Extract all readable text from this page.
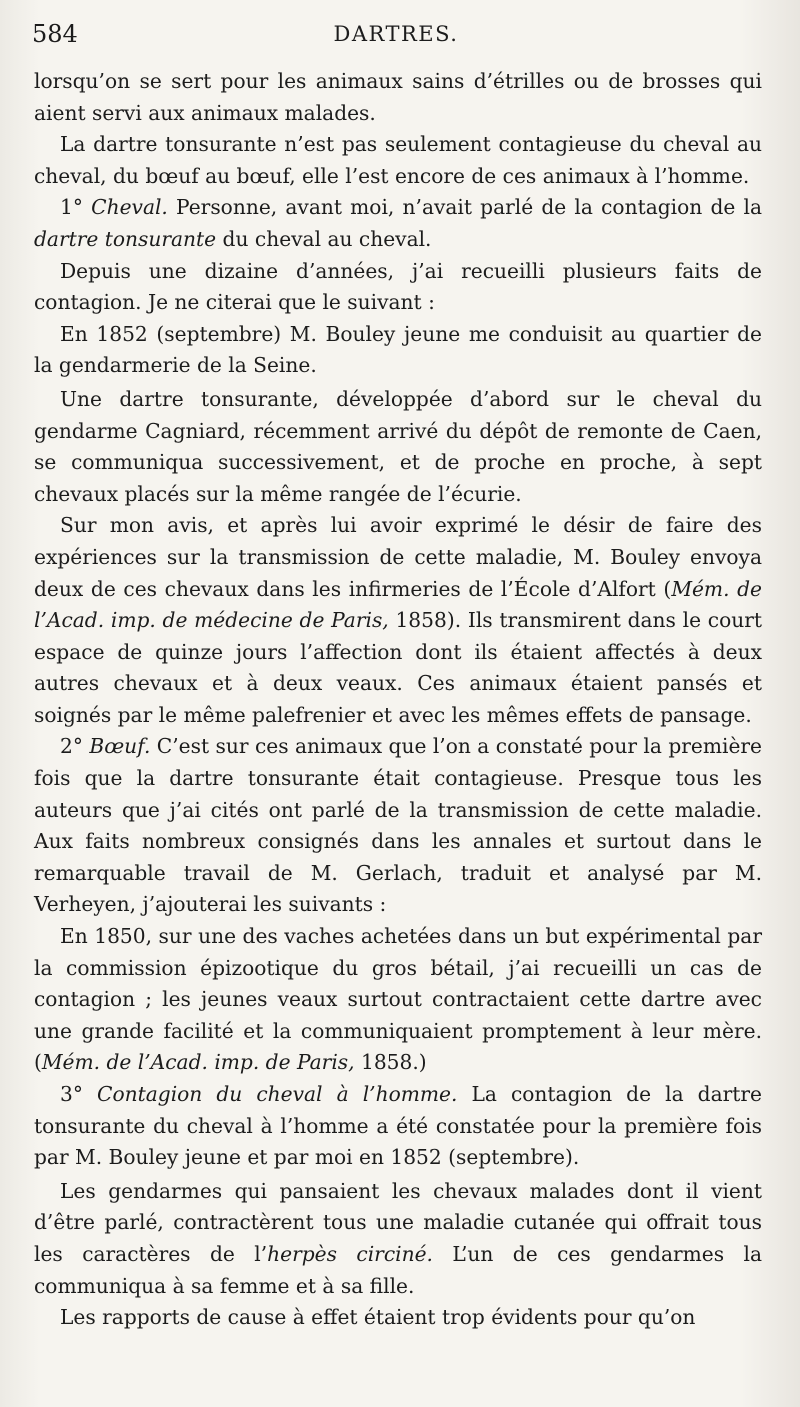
584	DARTRES.

lorsqu’on se sert pour les animaux sains d’étrilles ou de brosses qui aient servi aux animaux malades.

La dartre tonsurante n’est pas seulement contagieuse du cheval au cheval, du bœuf au bœuf, elle l’est encore de ces animaux à l’homme.

1° Cheval. Personne, avant moi, n’avait parlé de la contagion de la dartre tonsurante du cheval au cheval.

Depuis une dizaine d’années, j’ai recueilli plusieurs faits de contagion. Je ne citerai que le suivant :

En 1852 (septembre) M. Bouley jeune me conduisit au quartier de la gendarmerie de la Seine.

Une dartre tonsurante, développée d’abord sur le cheval du gendarme Cagniard, récemment arrivé du dépôt de remonte de Caen, se communiqua successivement, et de proche en proche, à sept chevaux placés sur la même rangée de l’écurie.

Sur mon avis, et après lui avoir exprimé le désir de faire des expériences sur la transmission de cette maladie, M. Bouley envoya deux de ces chevaux dans les infirmeries de l’École d’Alfort (Mém. de l’Acad. imp. de médecine de Paris, 1858). Ils transmirent dans le court espace de quinze jours l’affection dont ils étaient affectés à deux autres chevaux et à deux veaux. Ces animaux étaient pansés et soignés par le même palefrenier et avec les mêmes effets de pansage.

2° Bœuf. C’est sur ces animaux que l’on a constaté pour la première fois que la dartre tonsurante était contagieuse. Presque tous les auteurs que j’ai cités ont parlé de la transmission de cette maladie. Aux faits nombreux consignés dans les annales et surtout dans le remarquable travail de M. Gerlach, traduit et analysé par M. Verheyen, j’ajouterai les suivants :

En 1850, sur une des vaches achetées dans un but expérimental par la commission épizootique du gros bétail, j’ai recueilli un cas de contagion ; les jeunes veaux surtout contractaient cette dartre avec une grande facilité et la communiquaient promptement à leur mère. (Mém. de l’Acad. imp. de Paris, 1858.)

3° Contagion du cheval à l’homme. La contagion de la dartre tonsurante du cheval à l’homme a été constatée pour la première fois par M. Bouley jeune et par moi en 1852 (septembre).

Les gendarmes qui pansaient les chevaux malades dont il vient d’être parlé, contractèrent tous une maladie cutanée qui offrait tous les caractères de l’herpès circiné. L’un de ces gendarmes la communiqua à sa femme et à sa fille.

Les rapports de cause à effet étaient trop évidents pour qu’on
